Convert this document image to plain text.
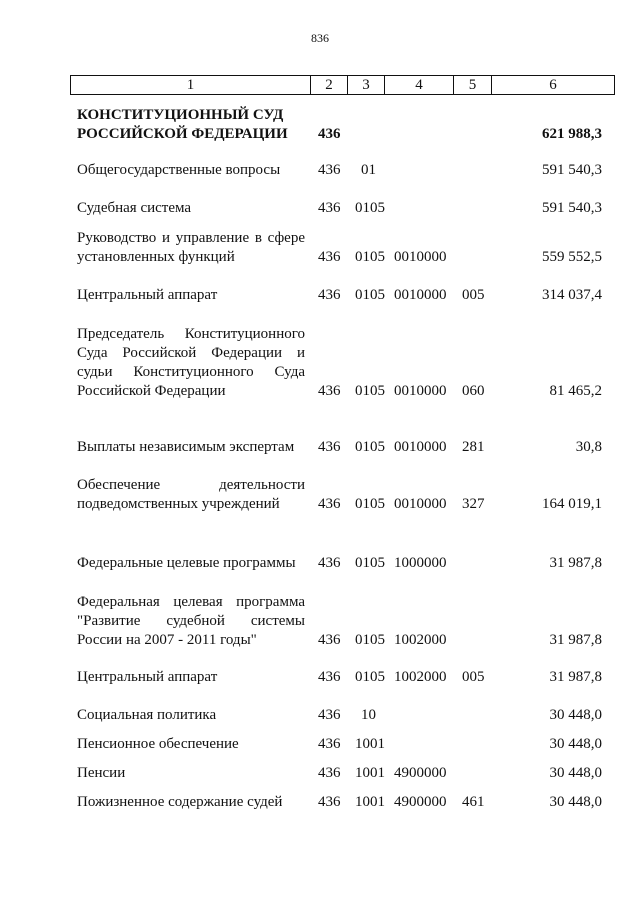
836
1	2	3	4	5	6
КОНСТИТУЦИОННЫЙ СУД РОССИЙСКОЙ ФЕДЕРАЦИИ	436	621 988,3
Общегосударственные вопросы	436 01	591 540,3
Судебная система	436 0105	591 540,3
Руководство и управление в сфере установленных функций	436 0105 0010000	559 552,5
Центральный аппарат	436 0105 0010000 005	314 037,4
Председатель Конституционного Суда Российской Федерации и судьи Конституционного Суда Российской Федерации	436 0105 0010000 060	81 465,2
Выплаты независимым экспертам	436 0105 0010000 281	30,8
Обеспечение деятельности подведомственных учреждений	436 0105 0010000 327	164 019,1
Федеральные целевые программы	436 0105 1000000	31 987,8
Федеральная целевая программа "Развитие судебной системы России на 2007 - 2011 годы"	436 0105 1002000	31 987,8
Центральный аппарат	436 0105 1002000 005	31 987,8
Социальная политика	436 10	30 448,0
Пенсионное обеспечение	436 1001	30 448,0
Пенсии	436 1001 4900000	30 448,0
Пожизненное содержание судей	436 1001 4900000 461	30 448,0
